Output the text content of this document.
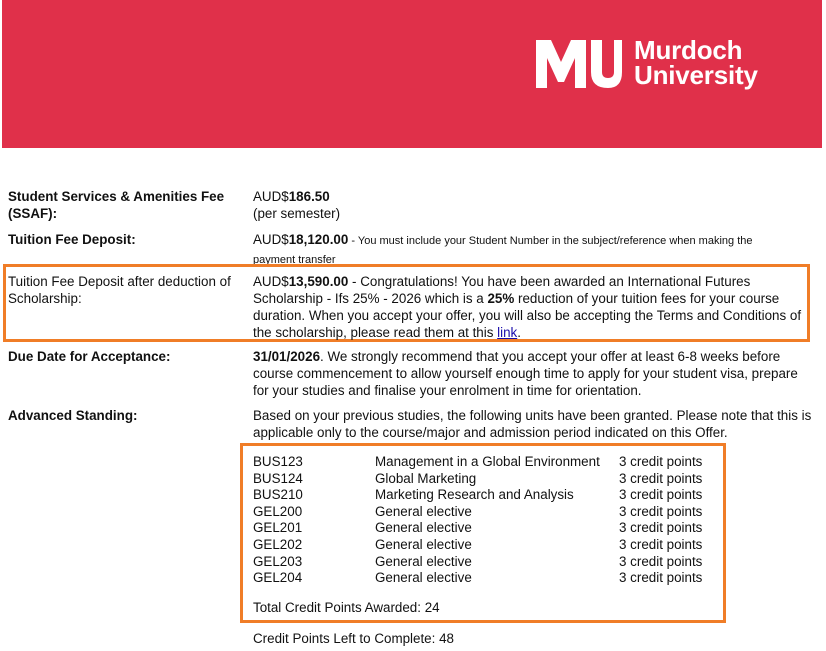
Murdoch
University
Student Services & Amenities Fee (SSAF):
AUD$186.50
(per semester)
Tuition Fee Deposit:	AUD$18,120.00 - You must include your Student Number in the subject/reference when making the payment transfer
Tuition Fee Deposit after deduction of Scholarship:
AUD$13,590.00 - Congratulations! You have been awarded an International Futures Scholarship - Ifs 25% - 2026 which is a 25% reduction of your tuition fees for your course duration. When you accept your offer, you will also be accepting the Terms and Conditions of the scholarship, please read them at this link.
Due Date for Acceptance:	31/01/2026. We strongly recommend that you accept your offer at least 6-8 weeks before course commencement to allow yourself enough time to apply for your student visa, prepare for your studies and finalise your enrolment in time for orientation.
Advanced Standing:	Based on your previous studies, the following units have been granted. Please note that this is applicable only to the course/major and admission period indicated on this Offer.
BUS123	Management in a Global Environment 3 credit points
BUS124	Global Marketing	3 credit points
BUS210	Marketing Research and Analysis	3 credit points
GEL200	General elective	3 credit points
GEL201	General elective	3 credit points
GEL202	General elective	3 credit points
GEL203	General elective	3 credit points
GEL204	General elective	3 credit points
Total Credit Points Awarded: 24
Credit Points Left to Complete: 48
